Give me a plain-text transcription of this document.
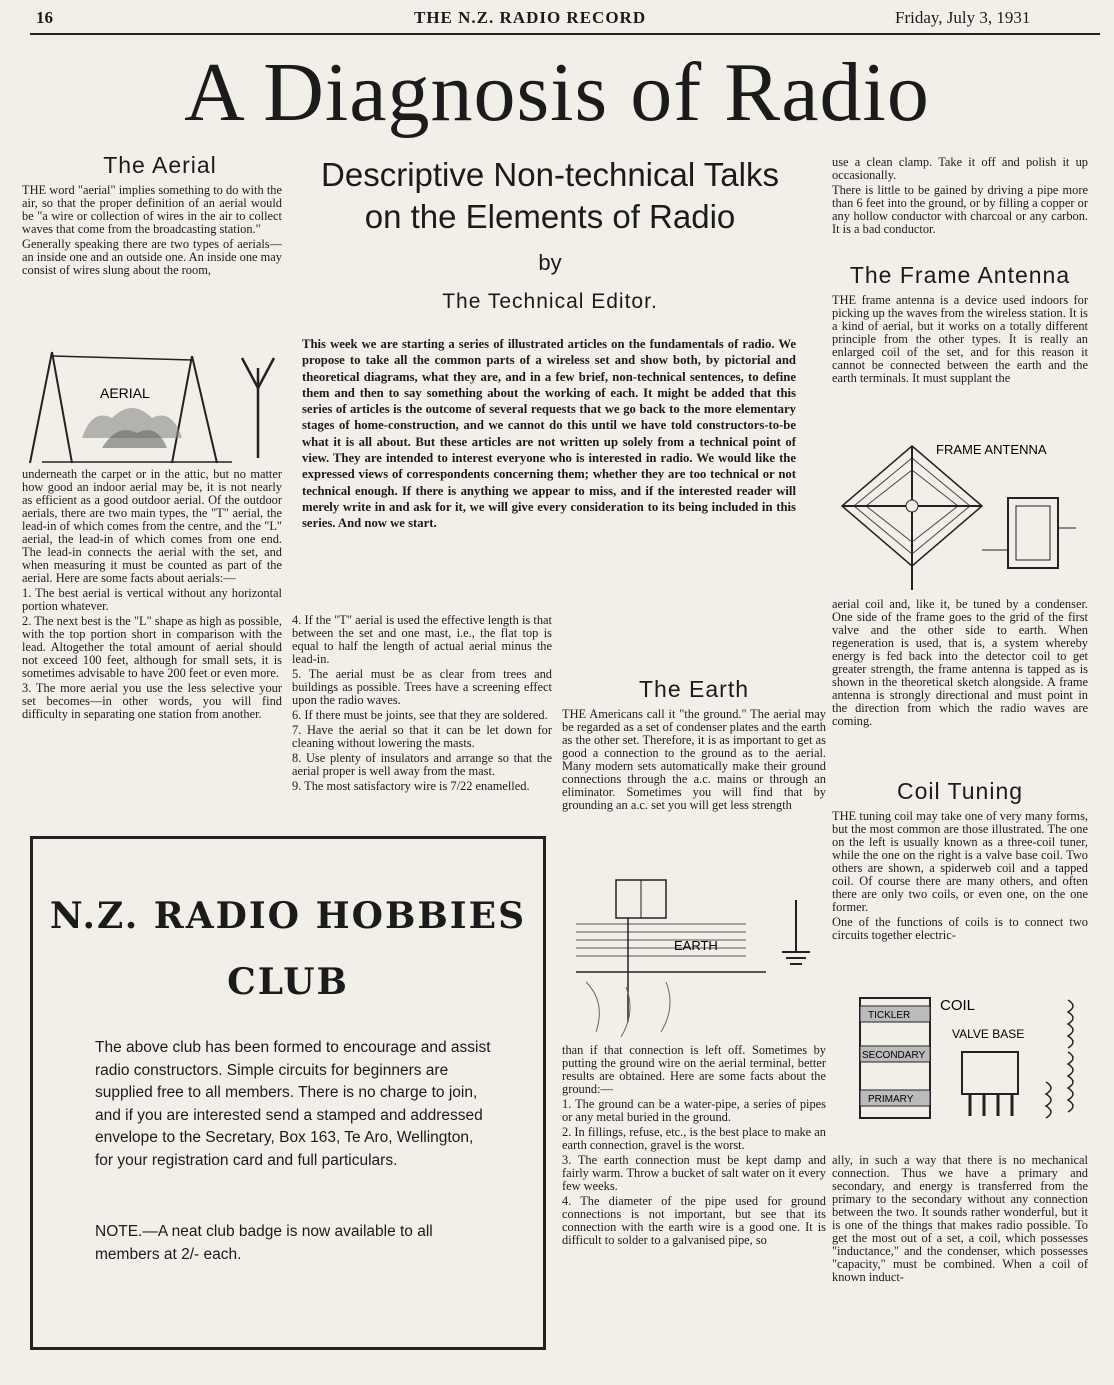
16	THE N.Z. RADIO RECORD	Friday, July 3, 1931
A Diagnosis of Radio
Descriptive Non-technical Talks
on the Elements of Radio
by
The Technical Editor.
This week we are starting a series of illustrated articles on the fundamentals of radio. We propose to take all the common parts of a wireless set and show both, by pictorial and theoretical diagrams, what they are, and in a few brief, non-technical sentences, to define them and then to say something about the working of each. It might be added that this series of articles is the outcome of several requests that we go back to the more elementary stages of home-construction, and we cannot do this until we have told constructors-to-be what it is all about. But these articles are not written up solely from a technical point of view. They are intended to interest everyone who is interested in radio. We would like the expressed views of correspondents concerning them; whether they are too technical or not technical enough. If there is anything we appear to miss, and if the interested reader will merely write in and ask for it, we will give every consideration to its being included in this series. And now we start.
The Aerial

THE word "aerial" implies something to do with the air, so that the proper definition of an aerial would be "a wire or collection of wires in the air to collect waves that come from the broadcasting station."

Generally speaking there are two types of aerials—an inside one and an outside one. An inside one may consist of wires slung about the room,

AERIAL

underneath the carpet or in the attic, but no matter how good an indoor aerial may be, it is not nearly as efficient as a good outdoor aerial. Of the outdoor aerials, there are two main types, the "T" aerial, the lead-in of which comes from the centre, and the "L" aerial, the lead-in of which comes from one end. The lead-in connects the aerial with the set, and when measuring it must be counted as part of the aerial. Here are some facts about aerials:—

1. The best aerial is vertical without any horizontal portion whatever.

2. The next best is the "L" shape as high as possible, with the top portion short in comparison with the lead. Altogether the total amount of aerial should not exceed 100 feet, although for small sets, it is sometimes advisable to have 200 feet or even more.

3. The more aerial you use the less selective your set becomes—in other words, you will find difficulty in separating one station from another.

4. If the "T" aerial is used the effective length is that between the set and one mast, i.e., the flat top is equal to half the length of actual aerial minus the lead-in.

5. The aerial must be as clear from trees and buildings as possible. Trees have a screening effect upon the radio waves.

6. If there must be joints, see that they are soldered.

7. Have the aerial so that it can be let down for cleaning without lowering the masts.

8. Use plenty of insulators and arrange so that the aerial proper is well away from the mast.

9. The most satisfactory wire is 7/22 enamelled.

The Earth

THE Americans call it "the ground." The aerial may be regarded as a set of condenser plates and the earth as the other set. Therefore, it is as important to get as good a connection to the ground as to the aerial. Many modern sets automatically make their ground connections through the a.c. mains or through an eliminator. Sometimes you will find that by grounding an a.c. set you will get less strength

EARTH

than if that connection is left off. Sometimes by putting the ground wire on the aerial terminal, better results are obtained. Here are some facts about the ground:—

1. The ground can be a water-pipe, a series of pipes or any metal buried in the ground.

2. In fillings, refuse, etc., is the best place to make an earth connection, gravel is the worst.

3. The earth connection must be kept damp and fairly warm. Throw a bucket of salt water on it every few weeks.

4. The diameter of the pipe used for ground connections is not important, but see that its connection with the earth wire is a good one. It is difficult to solder to a galvanised pipe, so

use a clean clamp. Take it off and polish it up occasionally.

There is little to be gained by driving a pipe more than 6 feet into the ground, or by filling a copper or any hollow conductor with charcoal or any carbon. It is a bad conductor.

The Frame Antenna

THE frame antenna is a device used indoors for picking up the waves from the wireless station. It is a kind of aerial, but it works on a totally different principle from the other types. It is really an enlarged coil of the set, and for this reason it cannot be connected between the earth and the earth terminals. It must supplant the

FRAME ANTENNA

aerial coil and, like it, be tuned by a condenser. One side of the frame goes to the grid of the first valve and the other side to earth. When regeneration is used, that is, a system whereby energy is fed back into the detector coil to get greater strength, the frame antenna is tapped as is shown in the theoretical sketch alongside. A frame antenna is strongly directional and must point in the direction from which the radio waves are coming.

Coil Tuning

THE tuning coil may take one of very many forms, but the most common are those illustrated. The one on the left is usually known as a three-coil tuner, while the one on the right is a valve base coil. Two others are shown, a spiderweb coil and a tapped coil. Of course there are many others, and often there are only two coils, or even one, on the one former.

One of the functions of coils is to connect two circuits together electric-

TICKLER
SECONDARY
PRIMARY
COIL
VALVE BASE

ally, in such a way that there is no mechanical connection. Thus we have a primary and secondary, and energy is transferred from the primary to the secondary without any connection between the two. It sounds rather wonderful, but it is one of the things that makes radio possible. To get the most out of a set, a coil, which possesses "inductance," and the condenser, which possesses "capacity," must be combined. When a coil of known induct-

N.Z. RADIO HOBBIES
CLUB
The above club has been formed to encourage and assist radio constructors. Simple circuits for beginners are supplied free to all members. There is no charge to join, and if you are interested send a stamped and addressed envelope to the Secretary, Box 163, Te Aro, Wellington, for your registration card and full particulars.
NOTE.—A neat club badge is now available to all members at 2/- each.
